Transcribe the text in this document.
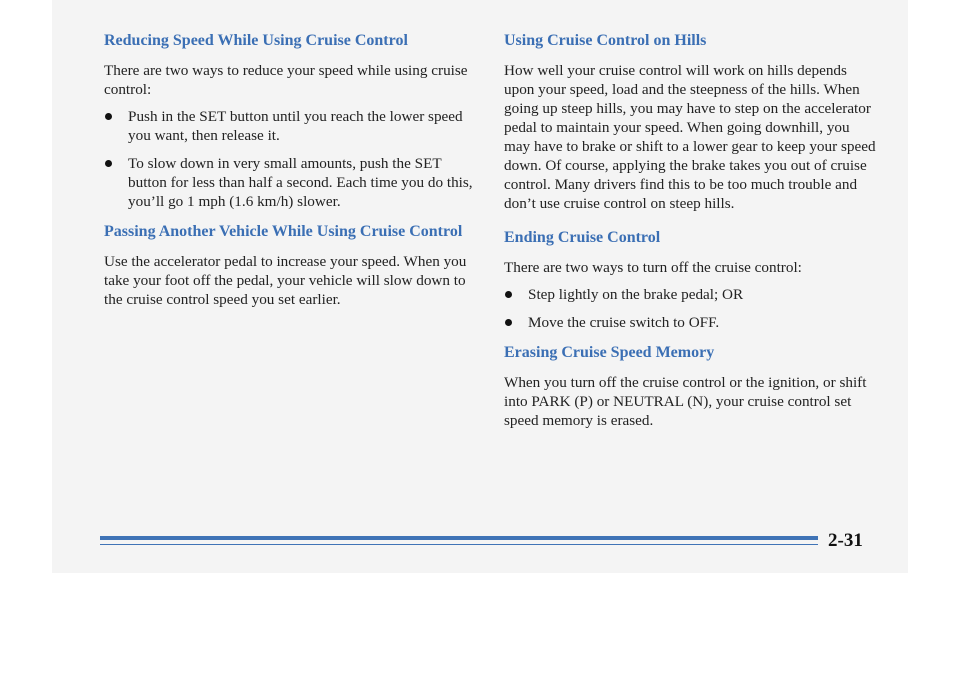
Reducing Speed While Using Cruise Control

There are two ways to reduce your speed while using cruise control:

Push in the SET button until you reach the lower speed you want, then release it.
To slow down in very small amounts, push the SET button for less than half a second. Each time you do this, you’ll go 1 mph (1.6 km/h) slower.
Passing Another Vehicle While Using Cruise Control

Use the accelerator pedal to increase your speed. When you take your foot off the pedal, your vehicle will slow down to the cruise control speed you set earlier.

Using Cruise Control on Hills

How well your cruise control will work on hills depends upon your speed, load and the steepness of the hills. When going up steep hills, you may have to step on the accelerator pedal to maintain your speed. When going downhill, you may have to brake or shift to a lower gear to keep your speed down. Of course, applying the brake takes you out of cruise control. Many drivers find this to be too much trouble and don’t use cruise control on steep hills.

Ending Cruise Control

There are two ways to turn off the cruise control:

Step lightly on the brake pedal; OR
Move the cruise switch to OFF.
Erasing Cruise Speed Memory

When you turn off the cruise control or the ignition, or shift into PARK (P) or NEUTRAL (N), your cruise control set speed memory is erased.

2-31
